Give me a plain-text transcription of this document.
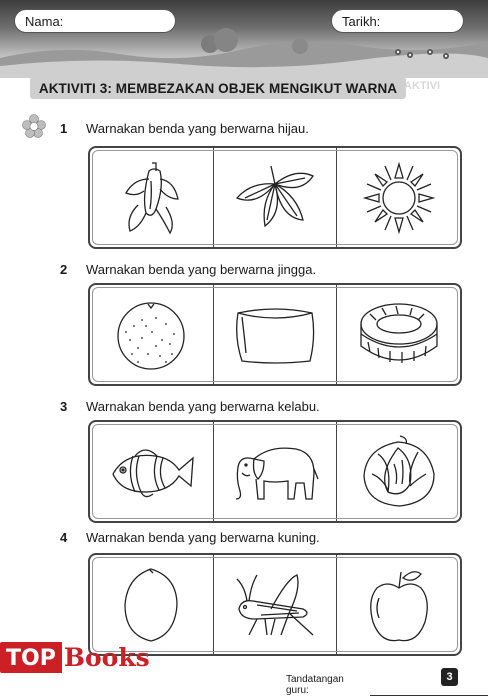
Nama:	Tarikh:
AKTIVITI 3: MEMBEZAKAN OBJEK MENGIKUT WARNA AKTIVI
1	Warnakan benda yang berwarna hijau.
2	Warnakan benda yang berwarna jingga.
3	Warnakan benda yang berwarna kelabu.
4	Warnakan benda yang berwarna kuning.
TOP Books
Tandatangan guru:
3
